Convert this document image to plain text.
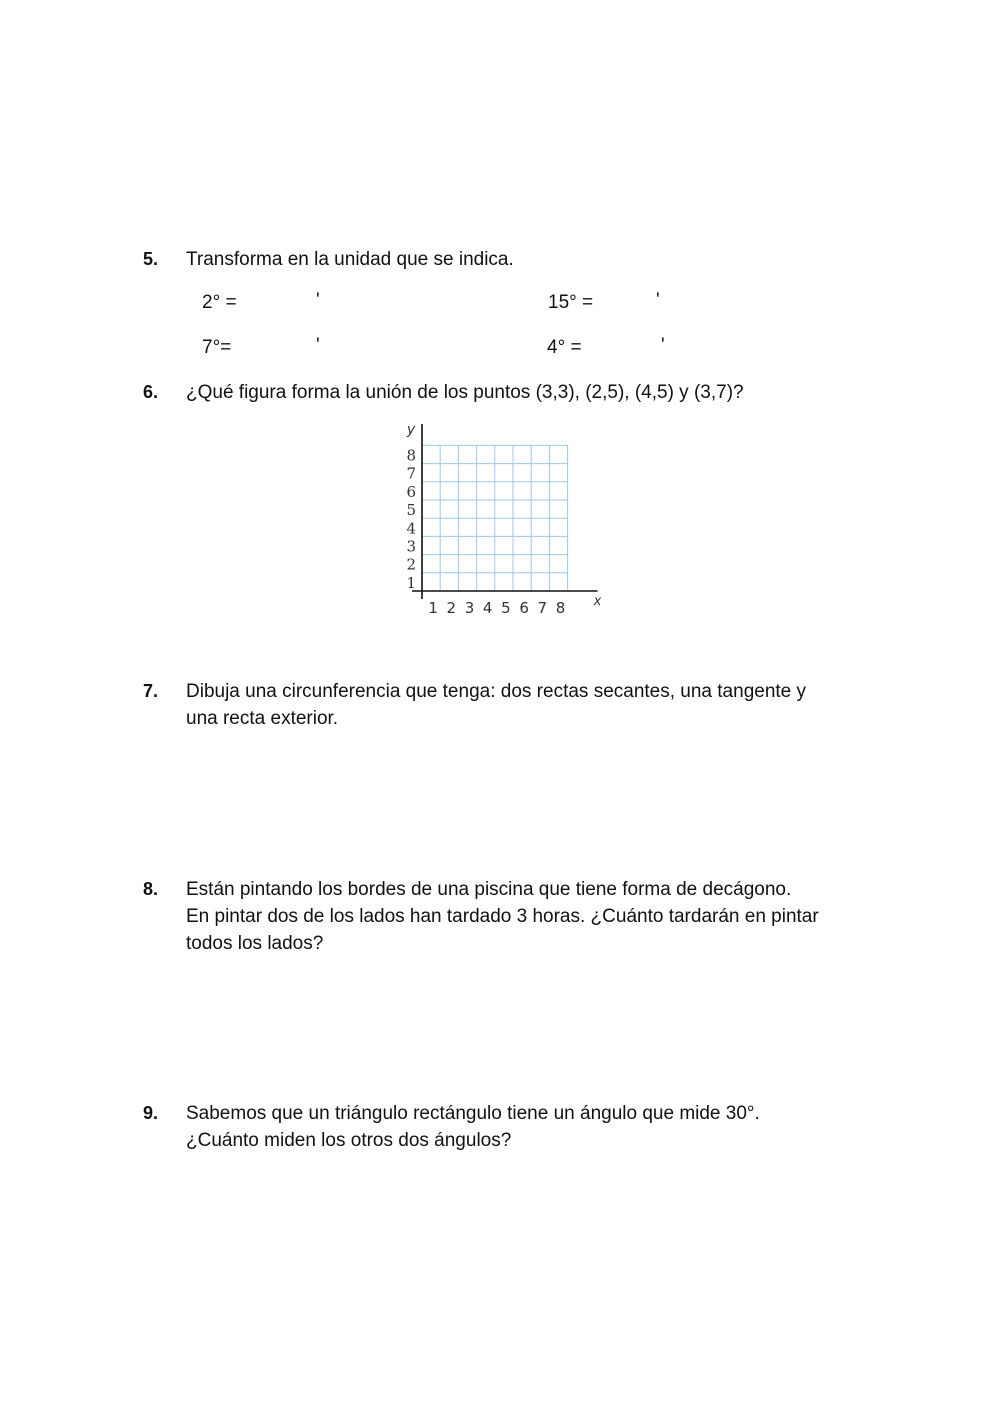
5. Transforma en la unidad que se indica.
2° =	'	15° =	'
7°=	'	4° =	'
6. ¿Qué figura forma la unión de los puntos (3,3), (2,5), (4,5) y (3,7)?
1 2 3 4 5 6 7 8
1
2
3
4
5
6
7
8
x
y
7. Dibuja una circunferencia que tenga: dos rectas secantes, una tangente y
una recta exterior.
8. Están pintando los bordes de una piscina que tiene forma de decágono.
En pintar dos de los lados han tardado 3 horas. ¿Cuánto tardarán en pintar
todos los lados?
9. Sabemos que un triángulo rectángulo tiene un ángulo que mide 30°.
¿Cuánto miden los otros dos ángulos?
